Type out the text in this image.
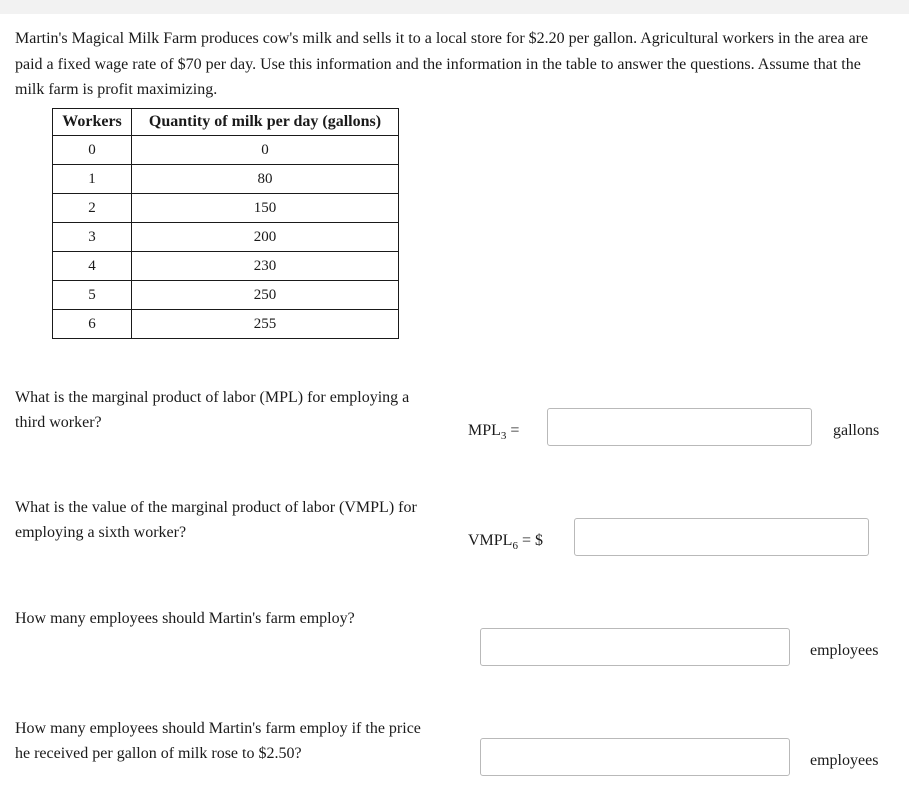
Martin's Magical Milk Farm produces cow's milk and sells it to a local store for $2.20 per gallon. Agricultural workers in the area are paid a fixed wage rate of $70 per day. Use this information and the information in the table to answer the questions. Assume that the milk farm is profit maximizing.

Workers	Quantity of milk per day (gallons)
0	0
1	80
2	150
3	200
4	230
5	250
6	255

What is the marginal product of labor (MPL) for employing a third worker?	$MPL_3$ =	gallons

What is the value of the marginal product of labor (VMPL) for employing a sixth worker?	$VMPL_6$ = $

How many employees should Martin's farm employ?

employees

How many employees should Martin's farm employ if the price he received per gallon of milk rose to $2.50?	employees
